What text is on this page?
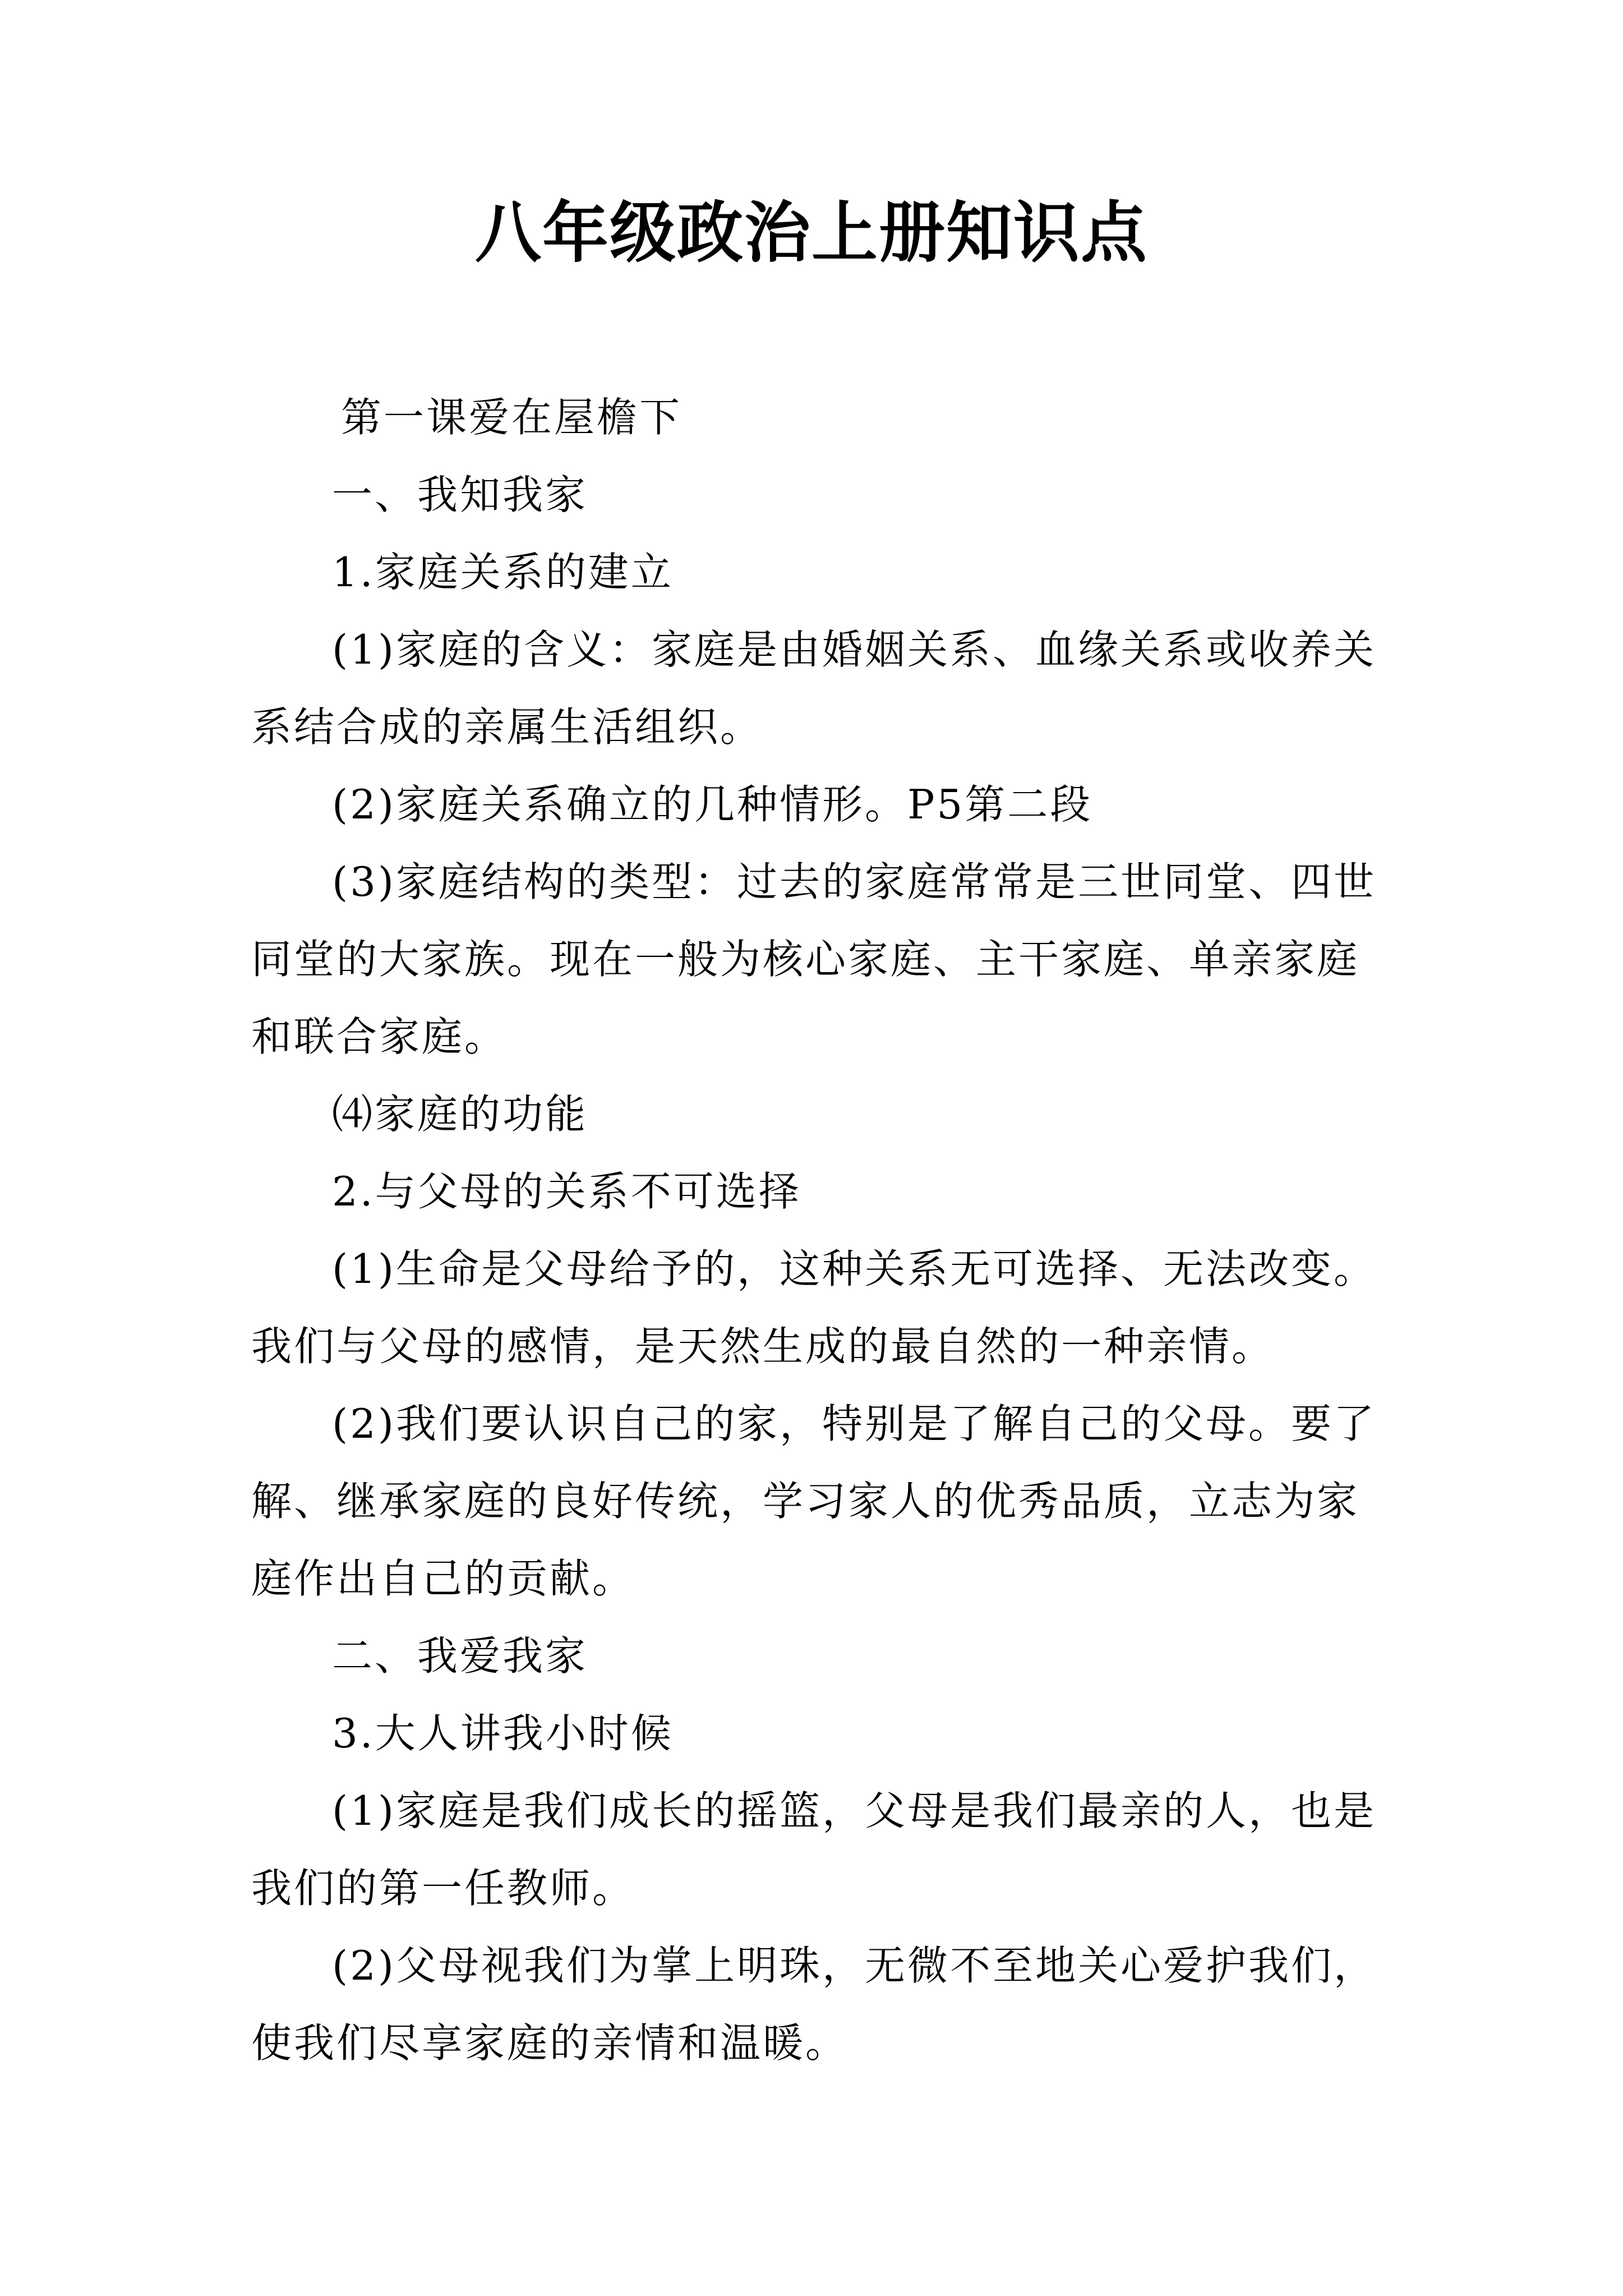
八年级政治上册知识点

第一课爱在屋檐下

一、我知我家

1.家庭关系的建立

(1)家庭的含义：家庭是由婚姻关系、血缘关系或收养关系结合成的亲属生活组织。

(2)家庭关系确立的几种情形。P5第二段

(3)家庭结构的类型：过去的家庭常常是三世同堂、四世同堂的大家族。现在一般为核心家庭、主干家庭、单亲家庭和联合家庭。

⑷家庭的功能

2.与父母的关系不可选择

(1)生命是父母给予的，这种关系无可选择、无法改变。我们与父母的感情，是天然生成的最自然的一种亲情。

(2)我们要认识自己的家，特别是了解自己的父母。要了解、继承家庭的良好传统，学习家人的优秀品质，立志为家庭作出自己的贡献。

二、我爱我家

3.大人讲我小时候

(1)家庭是我们成长的摇篮，父母是我们最亲的人，也是我们的第一任教师。

(2)父母视我们为掌上明珠，无微不至地关心爱护我们，使我们尽享家庭的亲情和温暖。
